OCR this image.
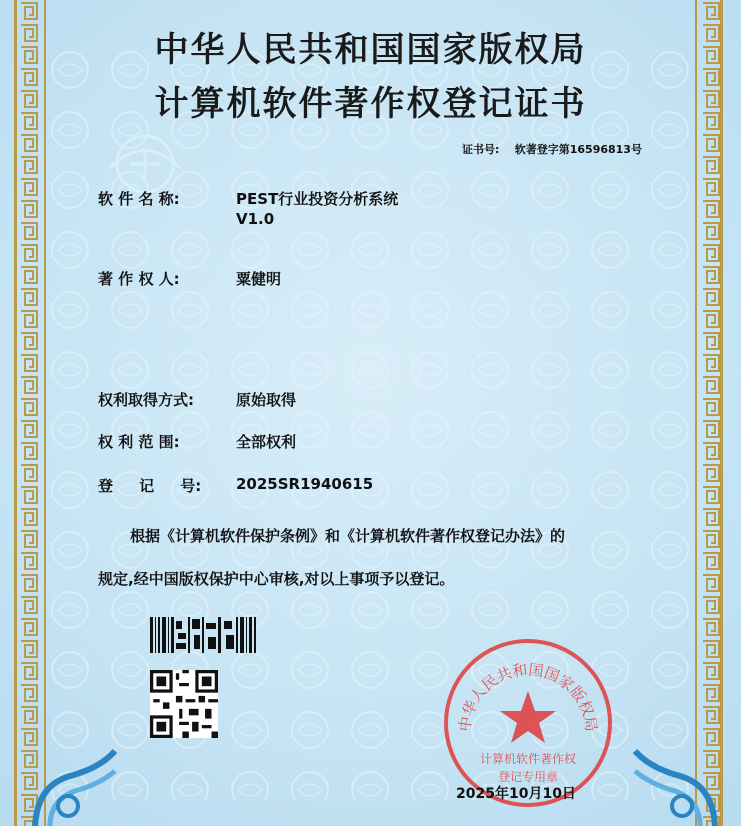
中华人民共和国国家版权局
计算机软件著作权登记证书
证书号: 软著登字第16596813号
软 件 名 称:	PEST行业投资分析系统
V1.0
著 作 权 人:	粟健明
权利取得方式:	原始取得
权 利 范 围:	全部权利
登     记     号:	2025SR1940615
根据《计算机软件保护条例》和《计算机软件著作权登记办法》的
规定,经中国版权保护中心审核,对以上事项予以登记。
中华人民共和国国家版权局
计算机软件著作权
登记专用章
2025年10月10日
